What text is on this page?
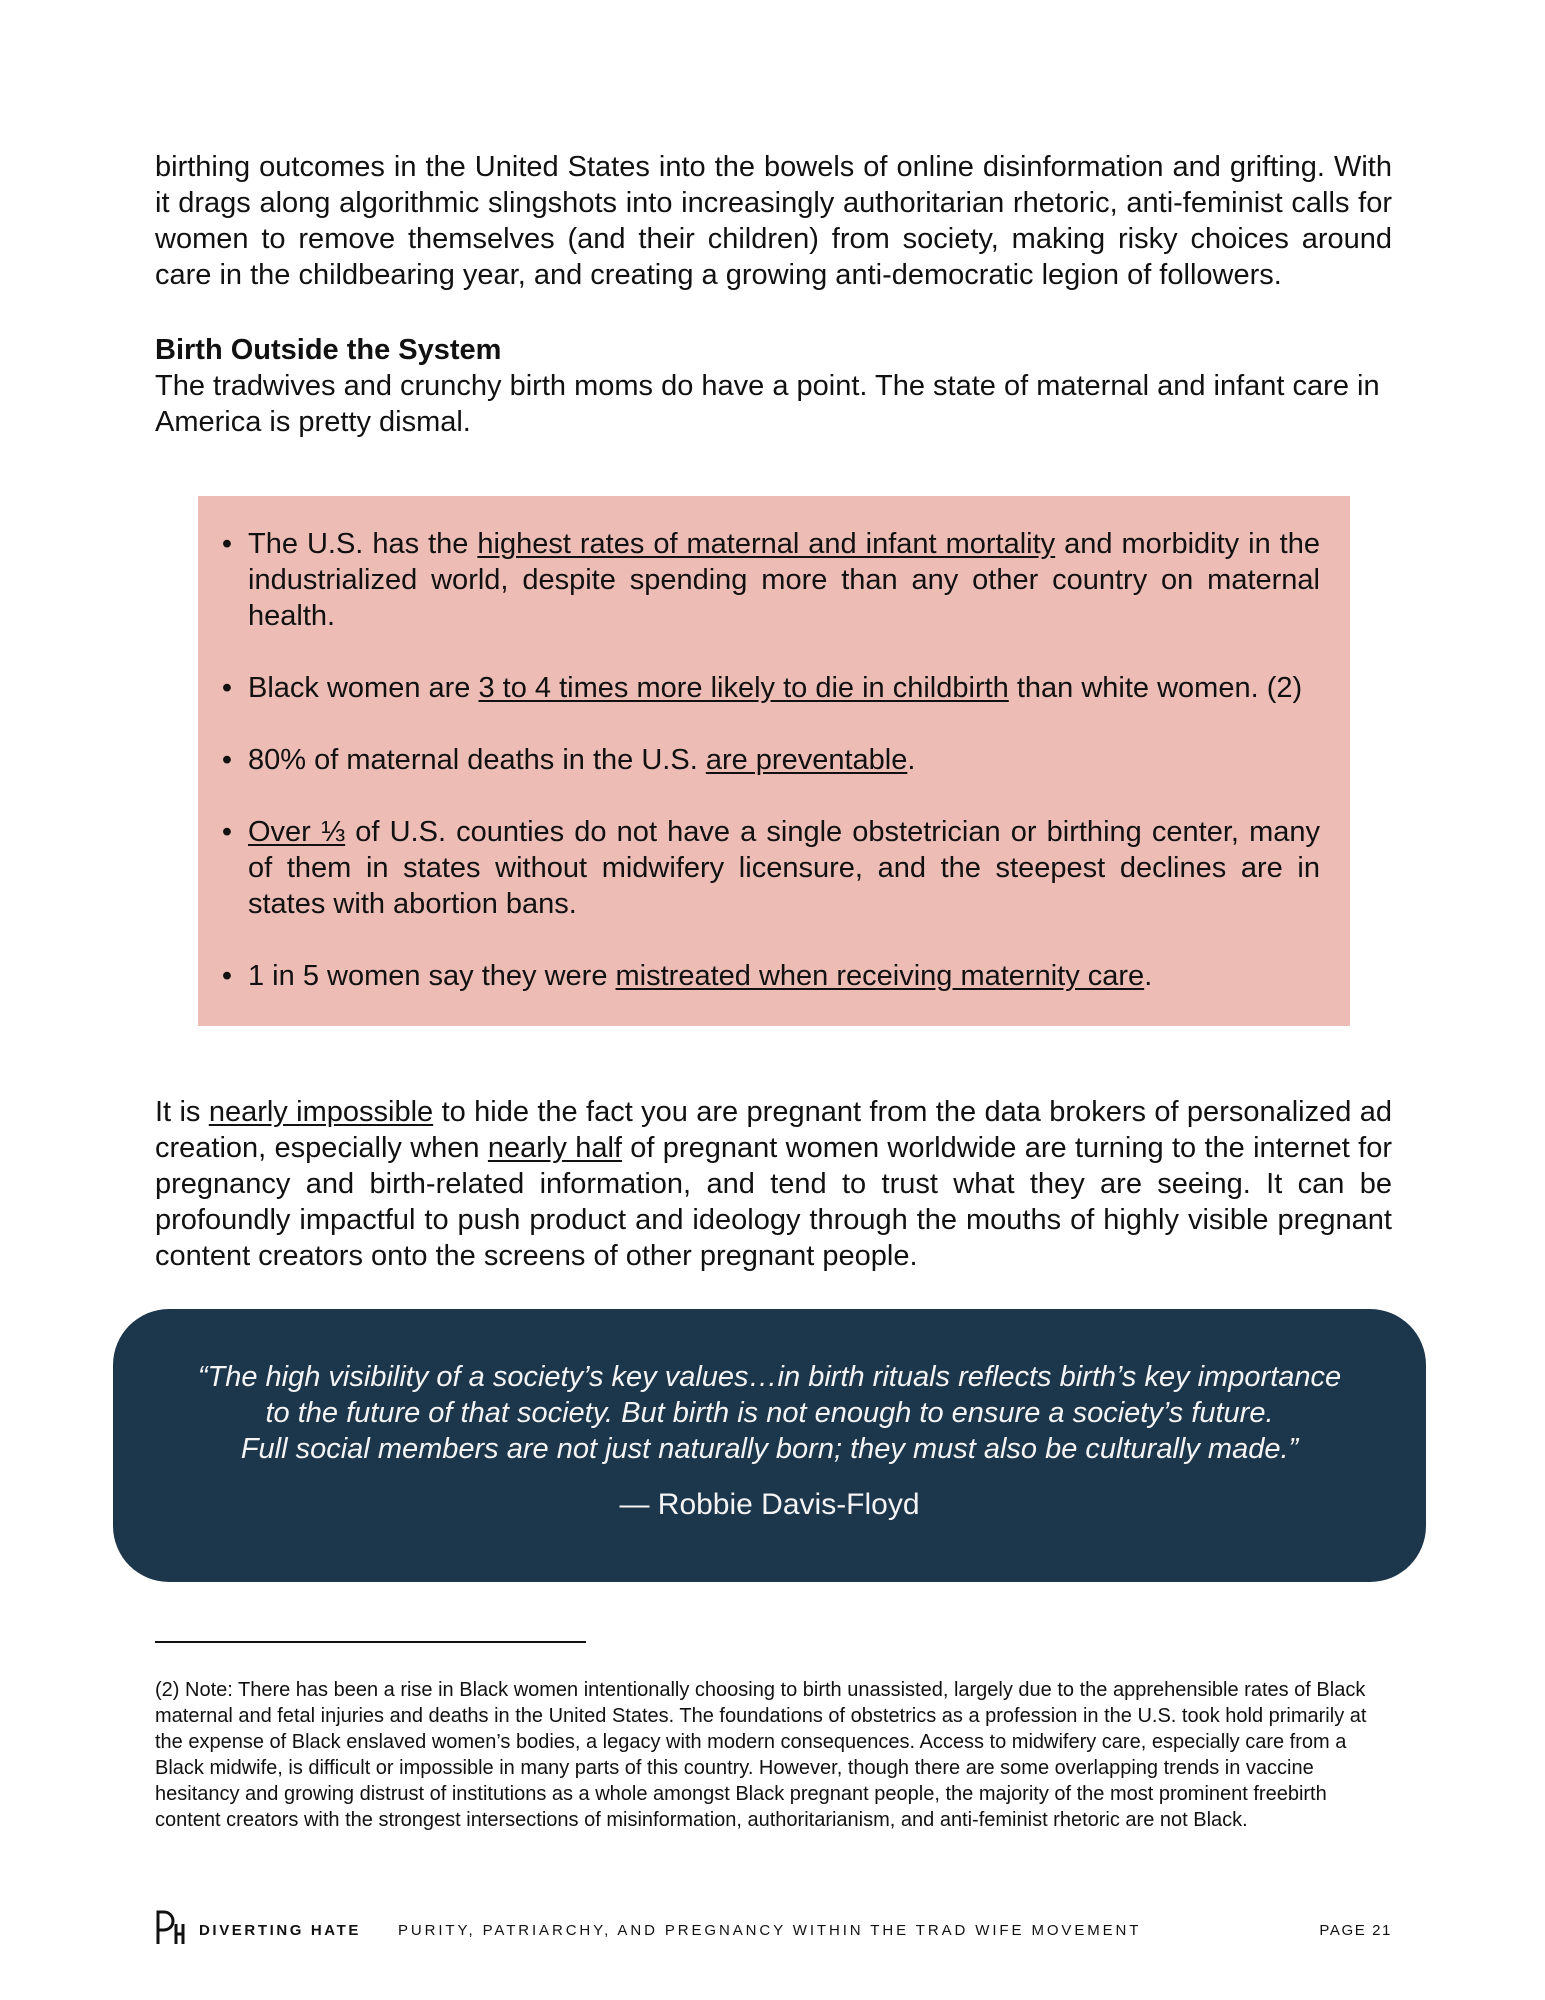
birthing outcomes in the United States into the bowels of online disinformation and grifting. With it drags along algorithmic slingshots into increasingly authoritarian rhetoric, anti-feminist calls for women to remove themselves (and their children) from society, making risky choices around care in the childbearing year, and creating a growing anti-democratic legion of followers.

Birth Outside the System

The tradwives and crunchy birth moms do have a point. The state of maternal and infant care in America is pretty dismal.

• The U.S. has the highest rates of maternal and infant mortality and morbidity in the industrialized world, despite spending more than any other country on maternal health.
• Black women are 3 to 4 times more likely to die in childbirth than white women. (2)
• 80% of maternal deaths in the U.S. are preventable.
• Over ⅓ of U.S. counties do not have a single obstetrician or birthing center, many of them in states without midwifery licensure, and the steepest declines are in states with abortion bans.
• 1 in 5 women say they were mistreated when receiving maternity care.

It is nearly impossible to hide the fact you are pregnant from the data brokers of personalized ad creation, especially when nearly half of pregnant women worldwide are turning to the internet for pregnancy and birth-related information, and tend to trust what they are seeing. It can be profoundly impactful to push product and ideology through the mouths of highly visible pregnant content creators onto the screens of other pregnant people.

“The high visibility of a society’s key values…in birth rituals reflects birth’s key importance
to the future of that society. But birth is not enough to ensure a society’s future.
Full social members are not just naturally born; they must also be culturally made.”

— Robbie Davis-Floyd

(2) Note: There has been a rise in Black women intentionally choosing to birth unassisted, largely due to the apprehensible rates of Black maternal and fetal injuries and deaths in the United States. The foundations of obstetrics as a profession in the U.S. took hold primarily at the expense of Black enslaved women’s bodies, a legacy with modern consequences. Access to midwifery care, especially care from a Black midwife, is difficult or impossible in many parts of this country. However, though there are some overlapping trends in vaccine hesitancy and growing distrust of institutions as a whole amongst Black pregnant people, the majority of the most prominent freebirth content creators with the strongest intersections of misinformation, authoritarianism, and anti-feminist rhetoric are not Black.

DIVERTING HATE PURITY, PATRIARCHY, AND PREGNANCY WITHIN THE TRAD WIFE MOVEMENT	PAGE 21
